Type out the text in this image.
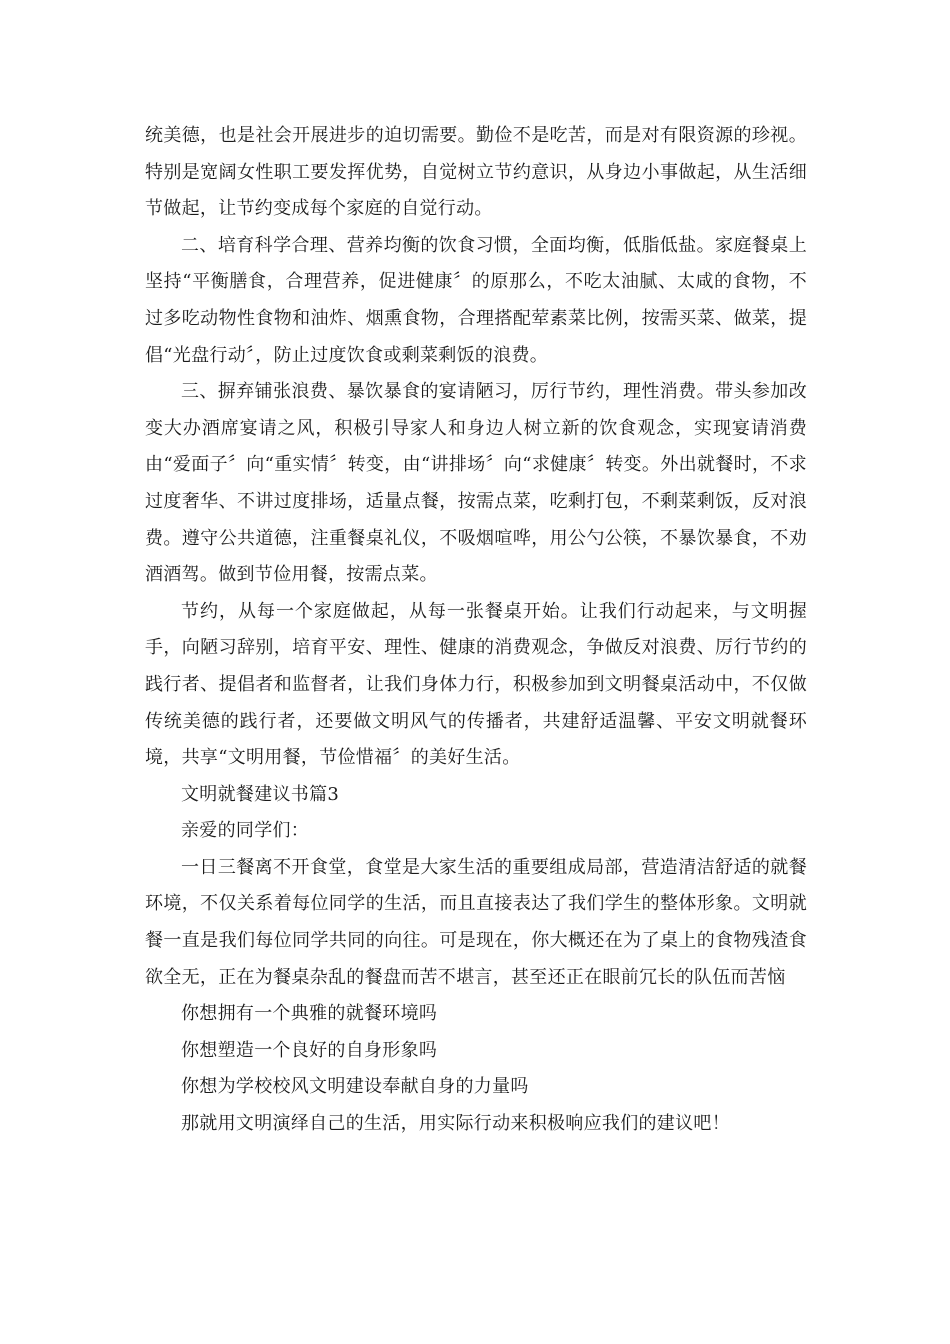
统美德，也是社会开展进步的迫切需要。勤俭不是吃苦，而是对有限资源的珍视。特别是宽阔女性职工要发挥优势，自觉树立节约意识，从身边小事做起，从生活细节做起，让节约变成每个家庭的自觉行动。

二、培育科学合理、营养均衡的饮食习惯，全面均衡，低脂低盐。家庭餐桌上坚持“平衡膳食，合理营养，促进健康〞的原那么，不吃太油腻、太咸的食物，不过多吃动物性食物和油炸、烟熏食物，合理搭配荤素菜比例，按需买菜、做菜，提倡“光盘行动〞，防止过度饮食或剩菜剩饭的浪费。

三、摒弃铺张浪费、暴饮暴食的宴请陋习，厉行节约，理性消费。带头参加改变大办酒席宴请之风，积极引导家人和身边人树立新的饮食观念，实现宴请消费由“爱面子〞向“重实情〞转变，由“讲排场〞向“求健康〞转变。外出就餐时，不求过度奢华、不讲过度排场，适量点餐，按需点菜，吃剩打包，不剩菜剩饭，反对浪费。遵守公共道德，注重餐桌礼仪，不吸烟喧哗，用公勺公筷，不暴饮暴食，不劝酒酒驾。做到节俭用餐，按需点菜。

节约，从每一个家庭做起，从每一张餐桌开始。让我们行动起来，与文明握手，向陋习辞别，培育平安、理性、健康的消费观念，争做反对浪费、厉行节约的践行者、提倡者和监督者，让我们身体力行，积极参加到文明餐桌活动中，不仅做传统美德的践行者，还要做文明风气的传播者，共建舒适温馨、平安文明就餐环境，共享“文明用餐，节俭惜福〞的美好生活。

文明就餐建议书篇3

亲爱的同学们：

一日三餐离不开食堂，食堂是大家生活的重要组成局部，营造清洁舒适的就餐环境，不仅关系着每位同学的生活，而且直接表达了我们学生的整体形象。文明就餐一直是我们每位同学共同的向往。可是现在，你大概还在为了桌上的食物残渣食欲全无，正在为餐桌杂乱的餐盘而苦不堪言，甚至还正在眼前冗长的队伍而苦恼

你想拥有一个典雅的就餐环境吗

你想塑造一个良好的自身形象吗

你想为学校校风文明建设奉献自身的力量吗

那就用文明演绎自己的生活，用实际行动来积极响应我们的建议吧！
